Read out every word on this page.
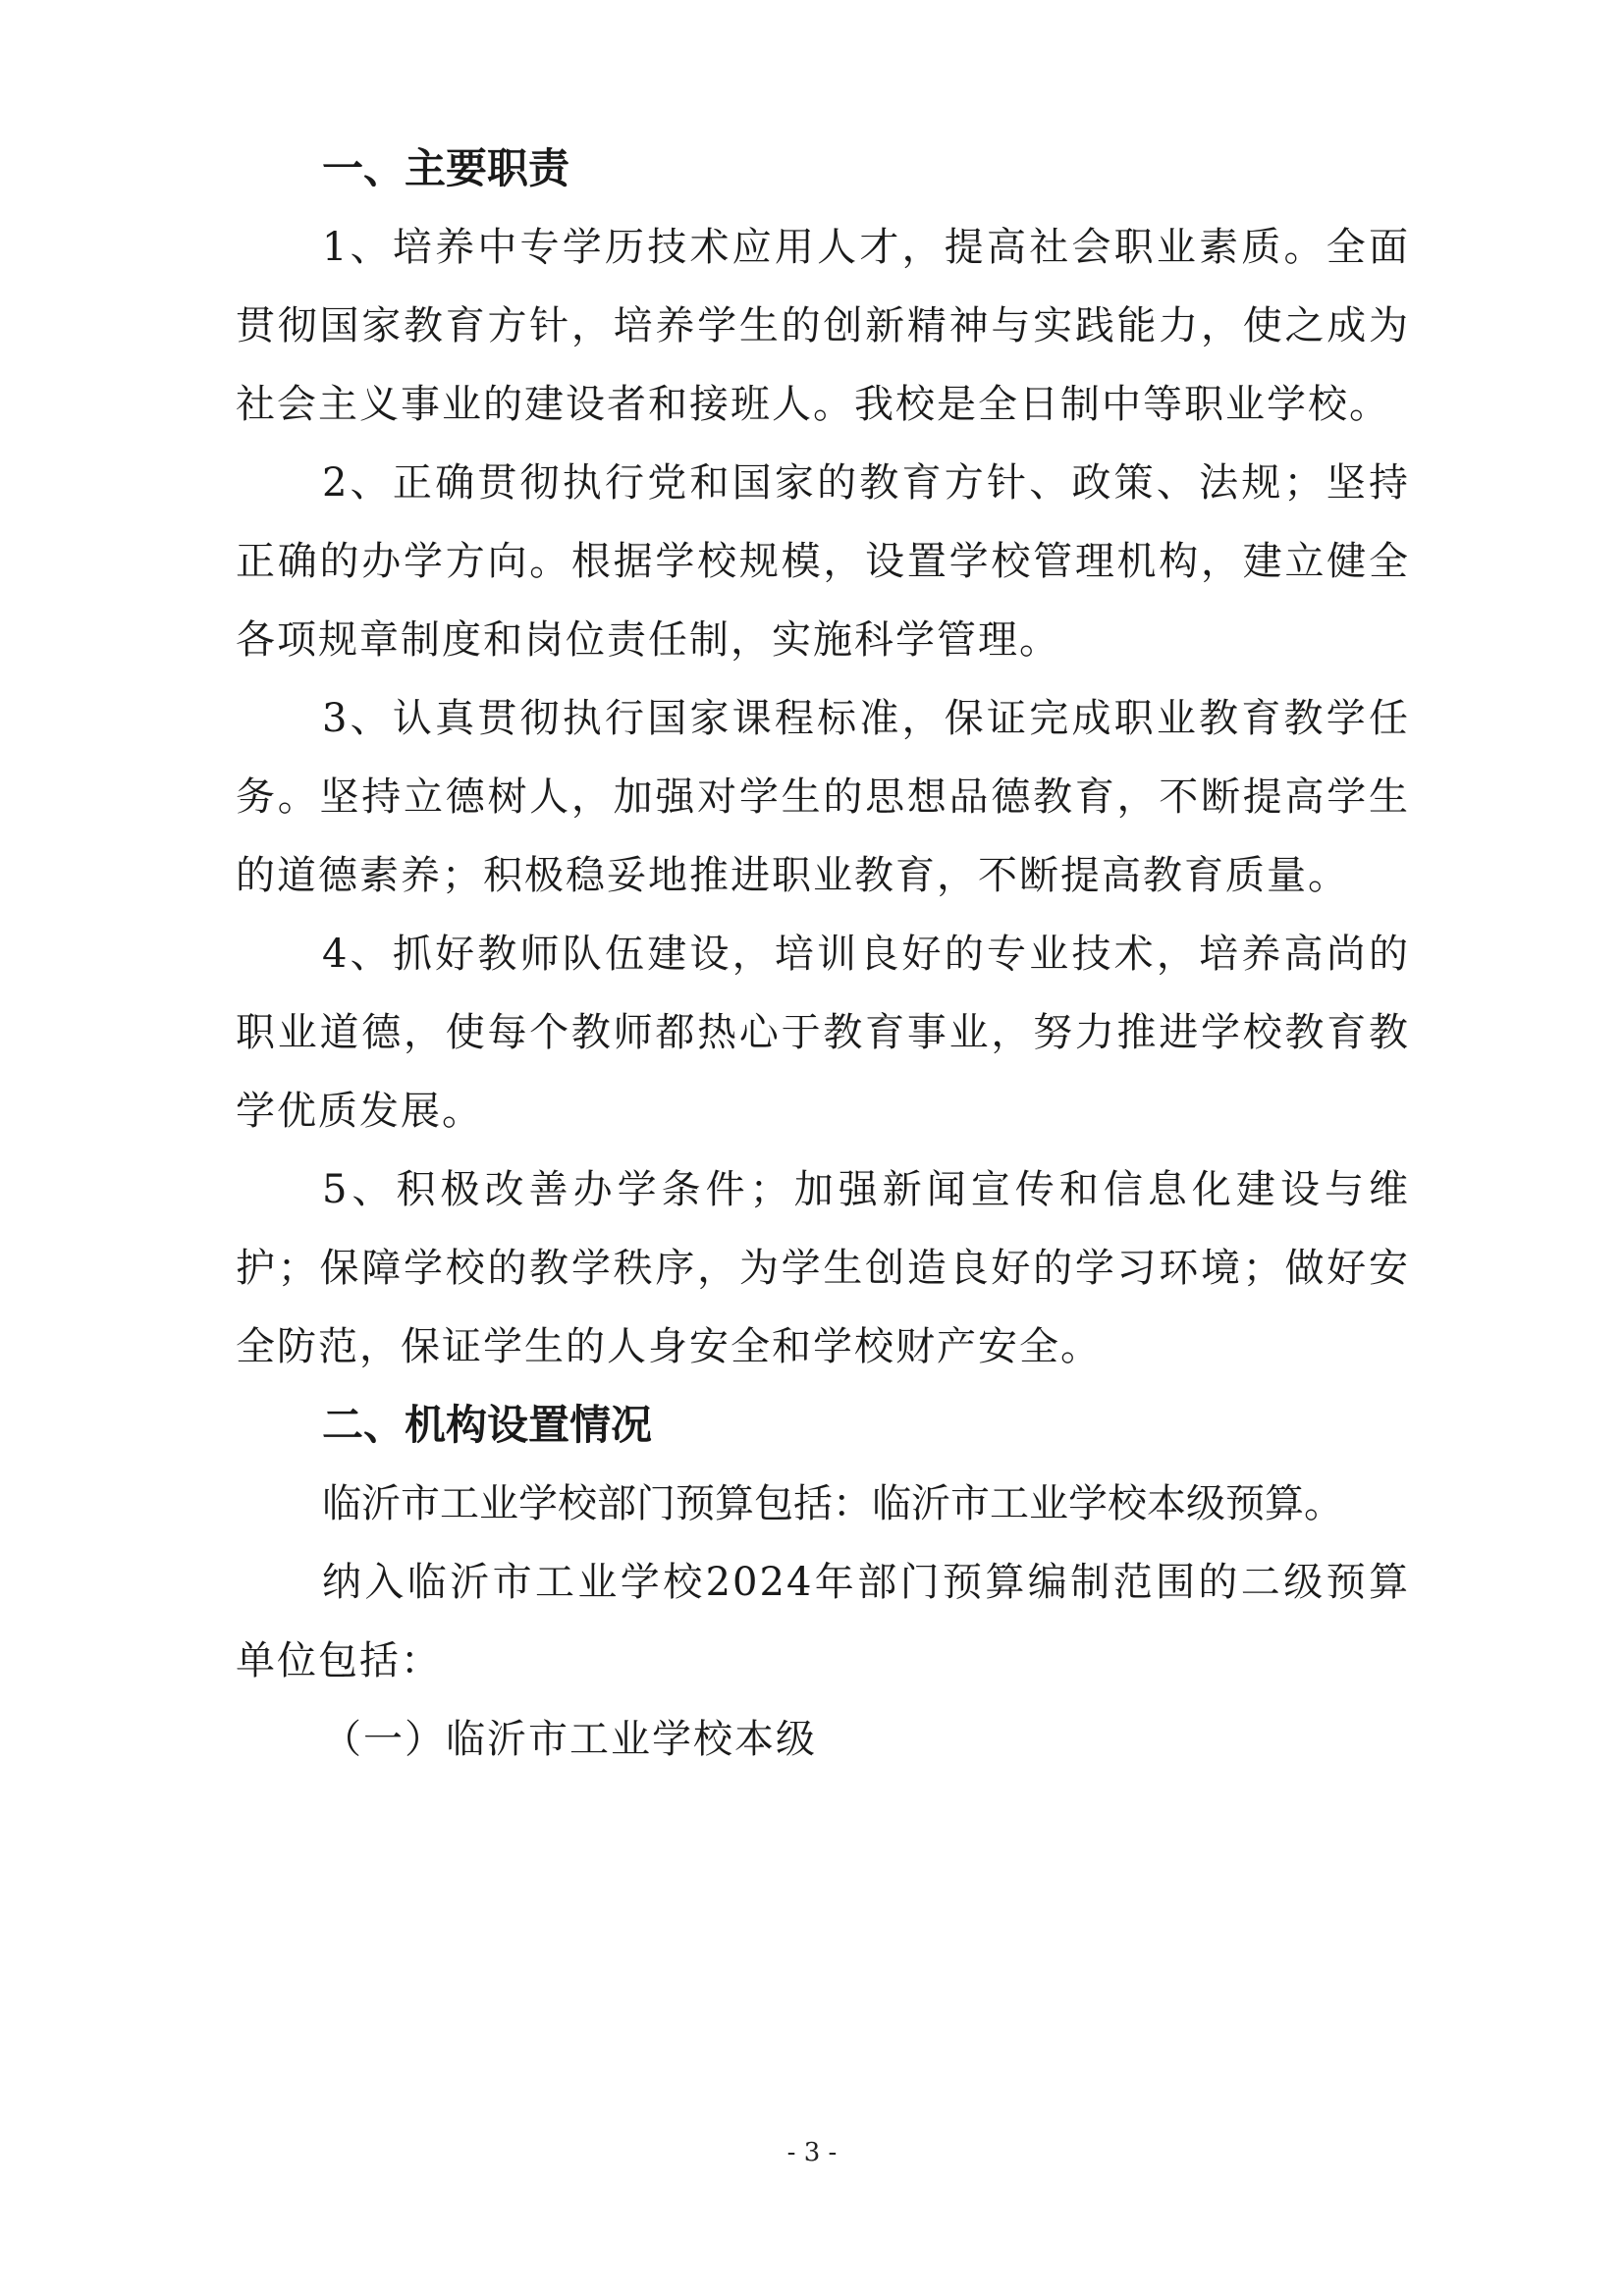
一、主要职责

1、培养中专学历技术应用人才，提高社会职业素质。全面贯彻国家教育方针，培养学生的创新精神与实践能力，使之成为社会主义事业的建设者和接班人。我校是全日制中等职业学校。

2、正确贯彻执行党和国家的教育方针、政策、法规；坚持正确的办学方向。根据学校规模，设置学校管理机构，建立健全各项规章制度和岗位责任制，实施科学管理。

3、认真贯彻执行国家课程标准，保证完成职业教育教学任务。坚持立德树人，加强对学生的思想品德教育，不断提高学生的道德素养；积极稳妥地推进职业教育，不断提高教育质量。

4、抓好教师队伍建设，培训良好的专业技术，培养高尚的职业道德，使每个教师都热心于教育事业，努力推进学校教育教学优质发展。

5、积极改善办学条件；加强新闻宣传和信息化建设与维护；保障学校的教学秩序，为学生创造良好的学习环境；做好安全防范，保证学生的人身安全和学校财产安全。

二、机构设置情况

临沂市工业学校部门预算包括：临沂市工业学校本级预算。

纳入临沂市工业学校2024年部门预算编制范围的二级预算单位包括：

（一）临沂市工业学校本级

- 3 -
